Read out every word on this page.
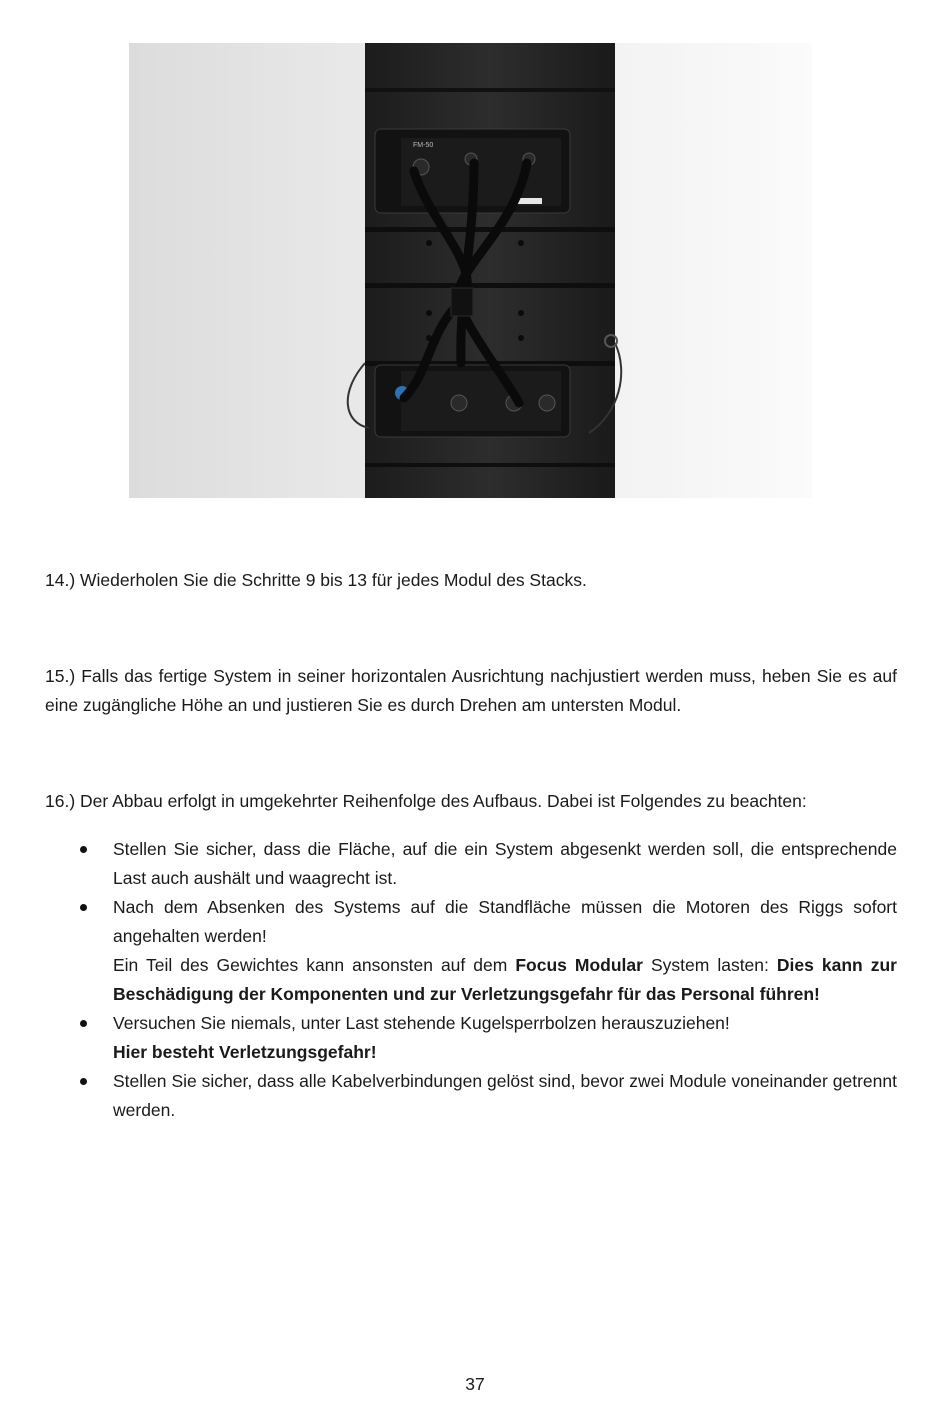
FM-50

14.) Wiederholen Sie die Schritte 9 bis 13 für jedes Modul des Stacks.

15.) Falls das fertige System in seiner horizontalen Ausrichtung nachjustiert werden muss, heben Sie es auf eine zugängliche Höhe an und justieren Sie es durch Drehen am untersten Modul.

16.) Der Abbau erfolgt in umgekehrter Reihenfolge des Aufbaus. Dabei ist Folgendes zu beachten:

Stellen Sie sicher, dass die Fläche, auf die ein System abgesenkt werden soll, die entsprechende Last auch aushält und waagrecht ist.
Nach dem Absenken des Systems auf die Standfläche müssen die Motoren des Riggs sofort angehalten werden!
Ein Teil des Gewichtes kann ansonsten auf dem Focus Modular System lasten: Dies kann zur Beschädigung der Komponenten und zur Verletzungsgefahr für das Personal führen!
Versuchen Sie niemals, unter Last stehende Kugelsperrbolzen herauszuziehen!
Hier besteht Verletzungsgefahr!
Stellen Sie sicher, dass alle Kabelverbindungen gelöst sind, bevor zwei Module voneinander getrennt werden.
37
